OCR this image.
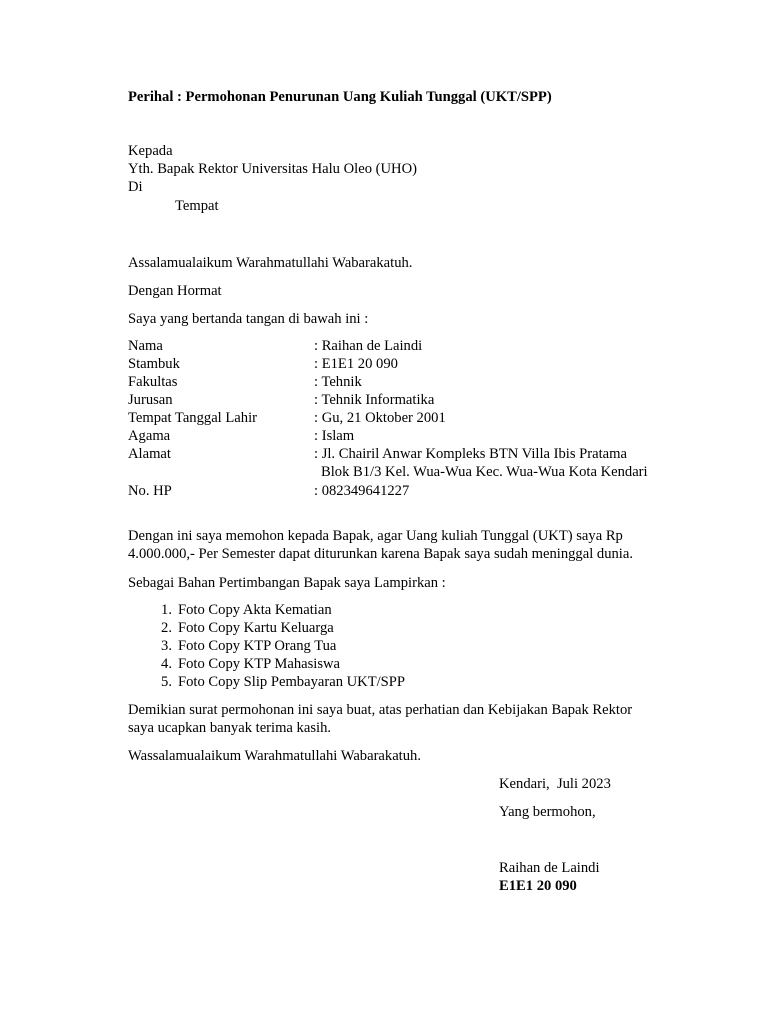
Perihal : Permohonan Penurunan Uang Kuliah Tunggal (UKT/SPP)
Kepada
Yth. Bapak Rektor Universitas Halu Oleo (UHO)
Di
Tempat
Assalamualaikum Warahmatullahi Wabarakatuh.
Dengan Hormat
Saya yang bertanda tangan di bawah ini :
Nama	: Raihan de Laindi
Stambuk	: E1E1 20 090
Fakultas	: Tehnik
Jurusan	: Tehnik Informatika
Tempat Tanggal Lahir	: Gu, 21 Oktober 2001
Agama	: Islam
Alamat	: Jl. Chairil Anwar Kompleks BTN Villa Ibis Pratama
Blok B1/3 Kel. Wua-Wua Kec. Wua-Wua Kota Kendari
No. HP	: 082349641227
Dengan ini saya memohon kepada Bapak, agar Uang kuliah Tunggal (UKT) saya Rp
4.000.000,- Per Semester dapat diturunkan karena Bapak saya sudah meninggal dunia.
Sebagai Bahan Pertimbangan Bapak saya Lampirkan :
1. Foto Copy Akta Kematian
2. Foto Copy Kartu Keluarga
3. Foto Copy KTP Orang Tua
4. Foto Copy KTP Mahasiswa
5. Foto Copy Slip Pembayaran UKT/SPP
Demikian surat permohonan ini saya buat, atas perhatian dan Kebijakan Bapak Rektor
saya ucapkan banyak terima kasih.
Wassalamualaikum Warahmatullahi Wabarakatuh.
Kendari,  Juli 2023
Yang bermohon,
Raihan de Laindi
E1E1 20 090
